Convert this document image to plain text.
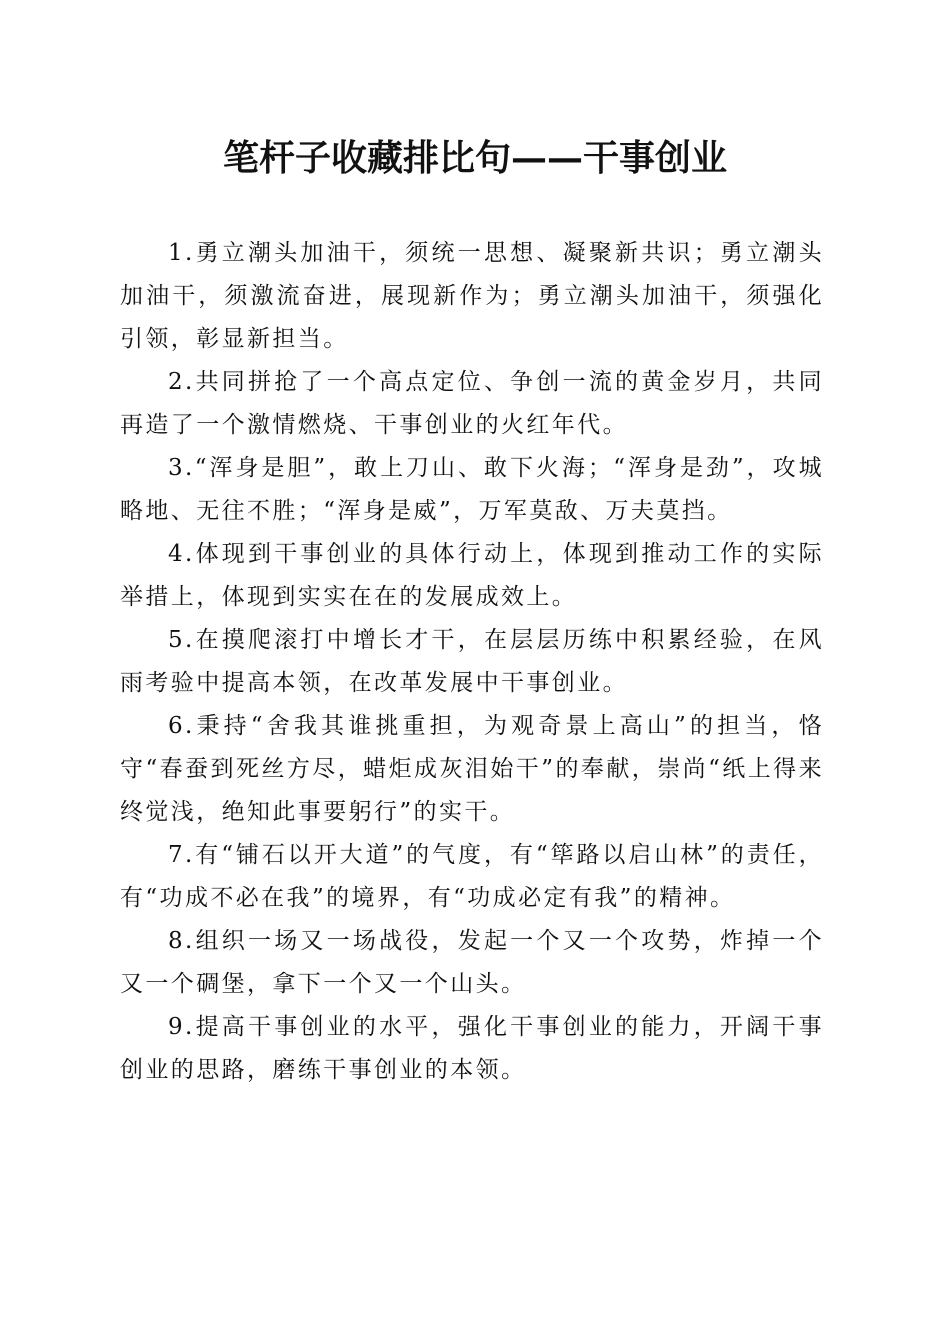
笔杆子收藏排比句——干事创业

1.勇立潮头加油干，须统一思想、凝聚新共识；勇立潮头加油干，须激流奋进，展现新作为；勇立潮头加油干，须强化引领，彰显新担当。

2.共同拼抢了一个高点定位、争创一流的黄金岁月，共同再造了一个激情燃烧、干事创业的火红年代。

3.“浑身是胆”，敢上刀山、敢下火海；“浑身是劲”，攻城略地、无往不胜；“浑身是威”，万军莫敌、万夫莫挡。

4.体现到干事创业的具体行动上，体现到推动工作的实际举措上，体现到实实在在的发展成效上。

5.在摸爬滚打中增长才干，在层层历练中积累经验，在风雨考验中提高本领，在改革发展中干事创业。

6.秉持“舍我其谁挑重担，为观奇景上高山”的担当，恪守“春蚕到死丝方尽，蜡炬成灰泪始干”的奉献，崇尚“纸上得来终觉浅，绝知此事要躬行”的实干。

7.有“铺石以开大道”的气度，有“筚路以启山林”的责任，有“功成不必在我”的境界，有“功成必定有我”的精神。

8.组织一场又一场战役，发起一个又一个攻势，炸掉一个又一个碉堡，拿下一个又一个山头。

9.提高干事创业的水平，强化干事创业的能力，开阔干事创业的思路，磨练干事创业的本领。
